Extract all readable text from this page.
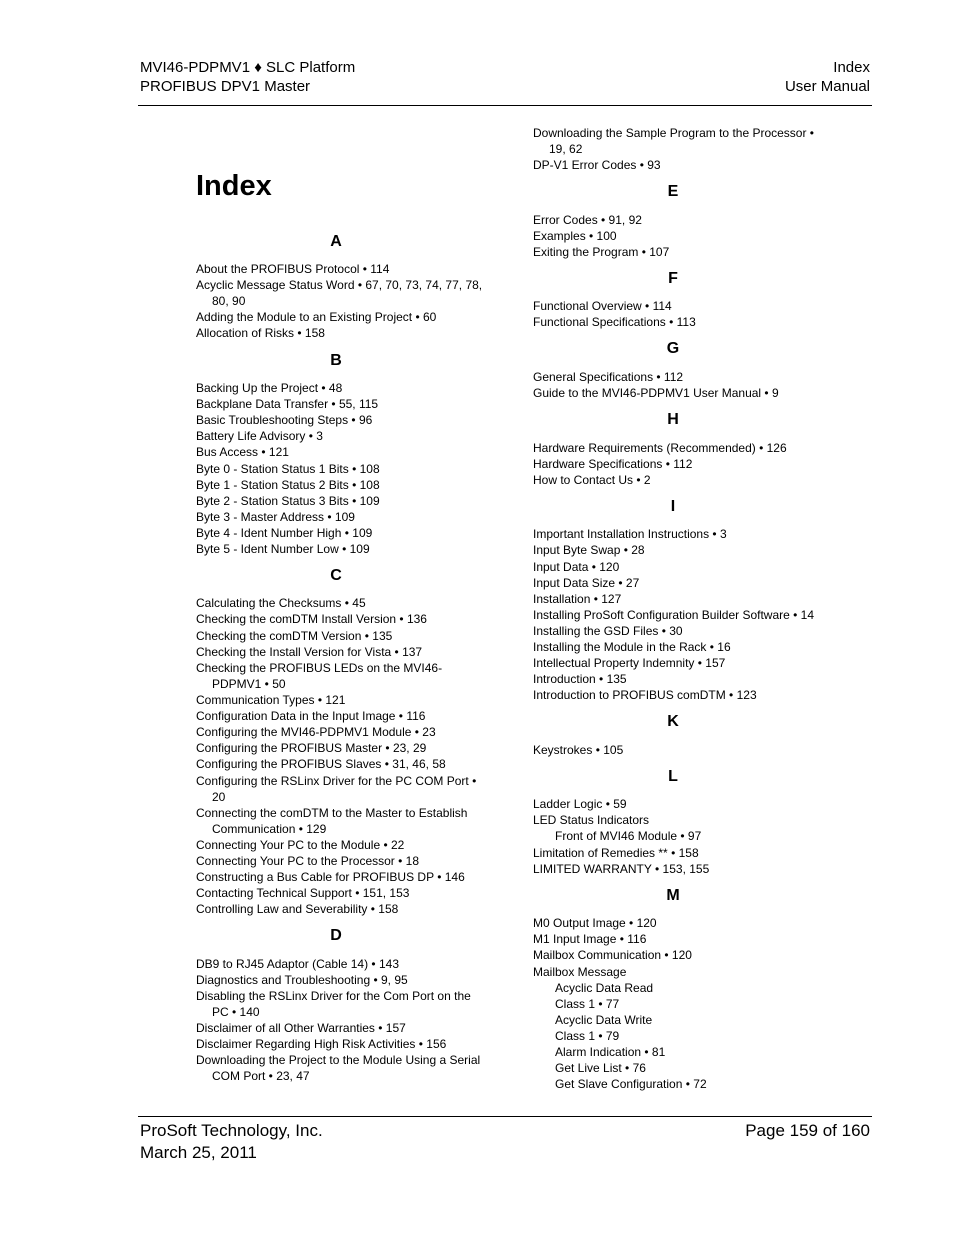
MVI46-PDPMV1 ♦ SLC Platform
PROFIBUS DPV1 Master
Index
User Manual
Index
A
About the PROFIBUS Protocol • 114
Acyclic Message Status Word • 67, 70, 73, 74, 77, 78,
80, 90
Adding the Module to an Existing Project • 60
Allocation of Risks • 158
B
Backing Up the Project • 48
Backplane Data Transfer • 55, 115
Basic Troubleshooting Steps • 96
Battery Life Advisory • 3
Bus Access • 121
Byte 0 - Station Status 1 Bits • 108
Byte 1 - Station Status 2 Bits • 108
Byte 2 - Station Status 3 Bits • 109
Byte 3 - Master Address • 109
Byte 4 - Ident Number High • 109
Byte 5 - Ident Number Low • 109
C
Calculating the Checksums • 45
Checking the comDTM Install Version • 136
Checking the comDTM Version • 135
Checking the Install Version for Vista • 137
Checking the PROFIBUS LEDs on the MVI46-
PDPMV1 • 50
Communication Types • 121
Configuration Data in the Input Image • 116
Configuring the MVI46-PDPMV1 Module • 23
Configuring the PROFIBUS Master • 23, 29
Configuring the PROFIBUS Slaves • 31, 46, 58
Configuring the RSLinx Driver for the PC COM Port •
20
Connecting the comDTM to the Master to Establish
Communication • 129
Connecting Your PC to the Module • 22
Connecting Your PC to the Processor • 18
Constructing a Bus Cable for PROFIBUS DP • 146
Contacting Technical Support • 151, 153
Controlling Law and Severability • 158
D
DB9 to RJ45 Adaptor (Cable 14) • 143
Diagnostics and Troubleshooting • 9, 95
Disabling the RSLinx Driver for the Com Port on the
PC • 140
Disclaimer of all Other Warranties • 157
Disclaimer Regarding High Risk Activities • 156
Downloading the Project to the Module Using a Serial
COM Port • 23, 47
Downloading the Sample Program to the Processor •
19, 62
DP-V1 Error Codes • 93
E
Error Codes • 91, 92
Examples • 100
Exiting the Program • 107
F
Functional Overview • 114
Functional Specifications • 113
G
General Specifications • 112
Guide to the MVI46-PDPMV1 User Manual • 9
H
Hardware Requirements (Recommended) • 126
Hardware Specifications • 112
How to Contact Us • 2
I
Important Installation Instructions • 3
Input Byte Swap • 28
Input Data • 120
Input Data Size • 27
Installation • 127
Installing ProSoft Configuration Builder Software • 14
Installing the GSD Files • 30
Installing the Module in the Rack • 16
Intellectual Property Indemnity • 157
Introduction • 135
Introduction to PROFIBUS comDTM • 123
K
Keystrokes • 105
L
Ladder Logic • 59
LED Status Indicators
Front of MVI46 Module • 97
Limitation of Remedies ** • 158
LIMITED WARRANTY • 153, 155
M
M0 Output Image • 120
M1 Input Image • 116
Mailbox Communication • 120
Mailbox Message
Acyclic Data Read
Class 1 • 77
Acyclic Data Write
Class 1 • 79
Alarm Indication • 81
Get Live List • 76
Get Slave Configuration • 72
ProSoft Technology, Inc.
March 25, 2011
Page 159 of 160
